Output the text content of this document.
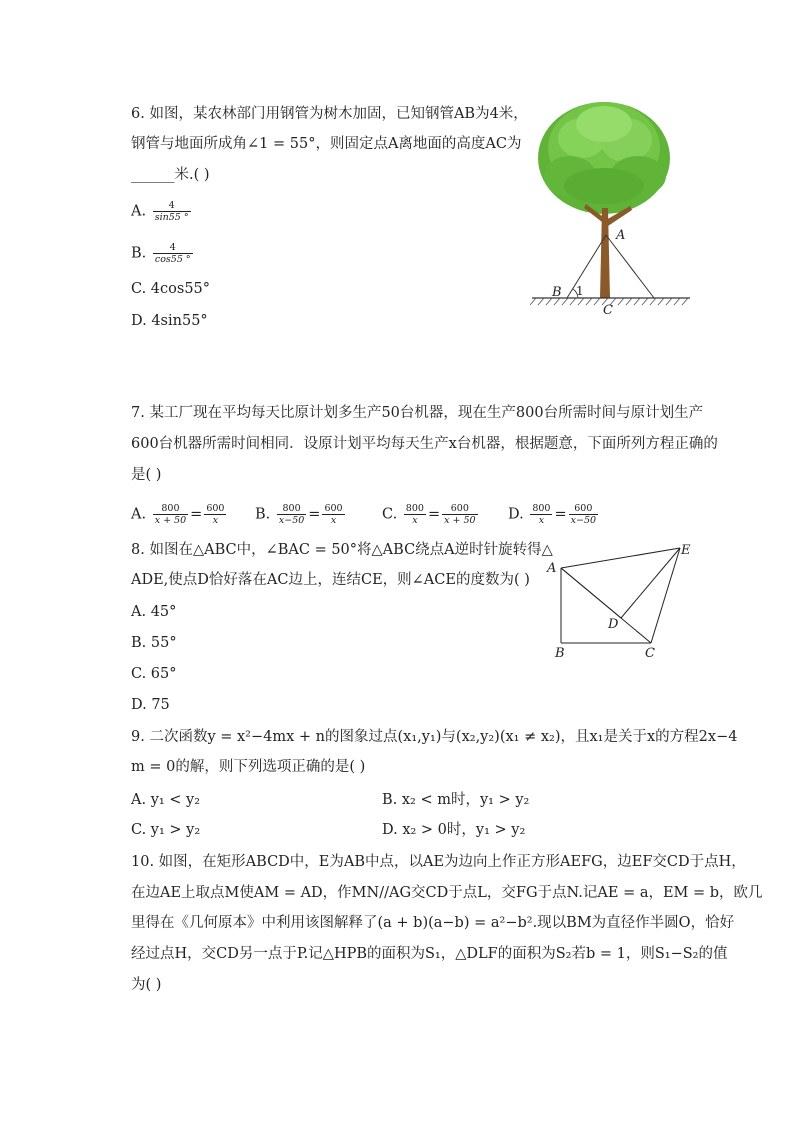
6. 如图，某农林部门用钢管为树木加固，已知钢管AB为4米，
钢管与地面所成角∠1 = 55°，则固定点A离地面的高度AC为
______米.( )
A. $\frac{4}{\sin 55 ^\circ}$
B. $\frac{4}{\cos 55 ^\circ}$
C. 4cos55°
D. 4sin55°
A
B 1
C
7. 某工厂现在平均每天比原计划多生产50台机器，现在生产800台所需时间与原计划生产
600台机器所需时间相同．设原计划平均每天生产x台机器，根据题意，下面所列方程正确的
是( )
A. $\frac{800}{x + 50} = \frac{600}{x} B$. $\frac{800}{x-50} = \frac{600}{x}$	C. $\frac{800}{x} = \frac{600}{x + 50} D$. $\frac{800}{x} = \frac{600}{x-50}$
8. 如图在△ABC中，∠BAC = 50°将△ABC绕点A逆时针旋转得△
ADE,使点D恰好落在AC边上，连结CE，则∠ACE的度数为( )
A. 45°
B. 55°
C. 65°
D. 75
A
B	C
D
E
9. 二次函数y = x²−4mx + n的图象过点(x₁,y₁)与(x₂,y₂)(x₁ ≠ x₂)，且x₁是关于x的方程2x−4
m = 0的解，则下列选项正确的是( )
A. y₁ < y₂	B. x₂ < m时，y₁ > y₂
C. y₁ > y₂	D. x₂ > 0时，y₁ > y₂
10. 如图，在矩形ABCD中，E为AB中点，以AE为边向上作正方形AEFG，边EF交CD于点H，
在边AE上取点M使AM = AD，作MN//AG交CD于点L，交FG于点N.记AE = a，EM = b，欧几
里得在《几何原本》中利用该图解释了(a + b)(a−b) = a²−b².现以BM为直径作半圆O，恰好
经过点H，交CD另一点于P.记△HPB的面积为S₁，△DLF的面积为S₂若b = 1，则S₁−S₂的值
为( )
